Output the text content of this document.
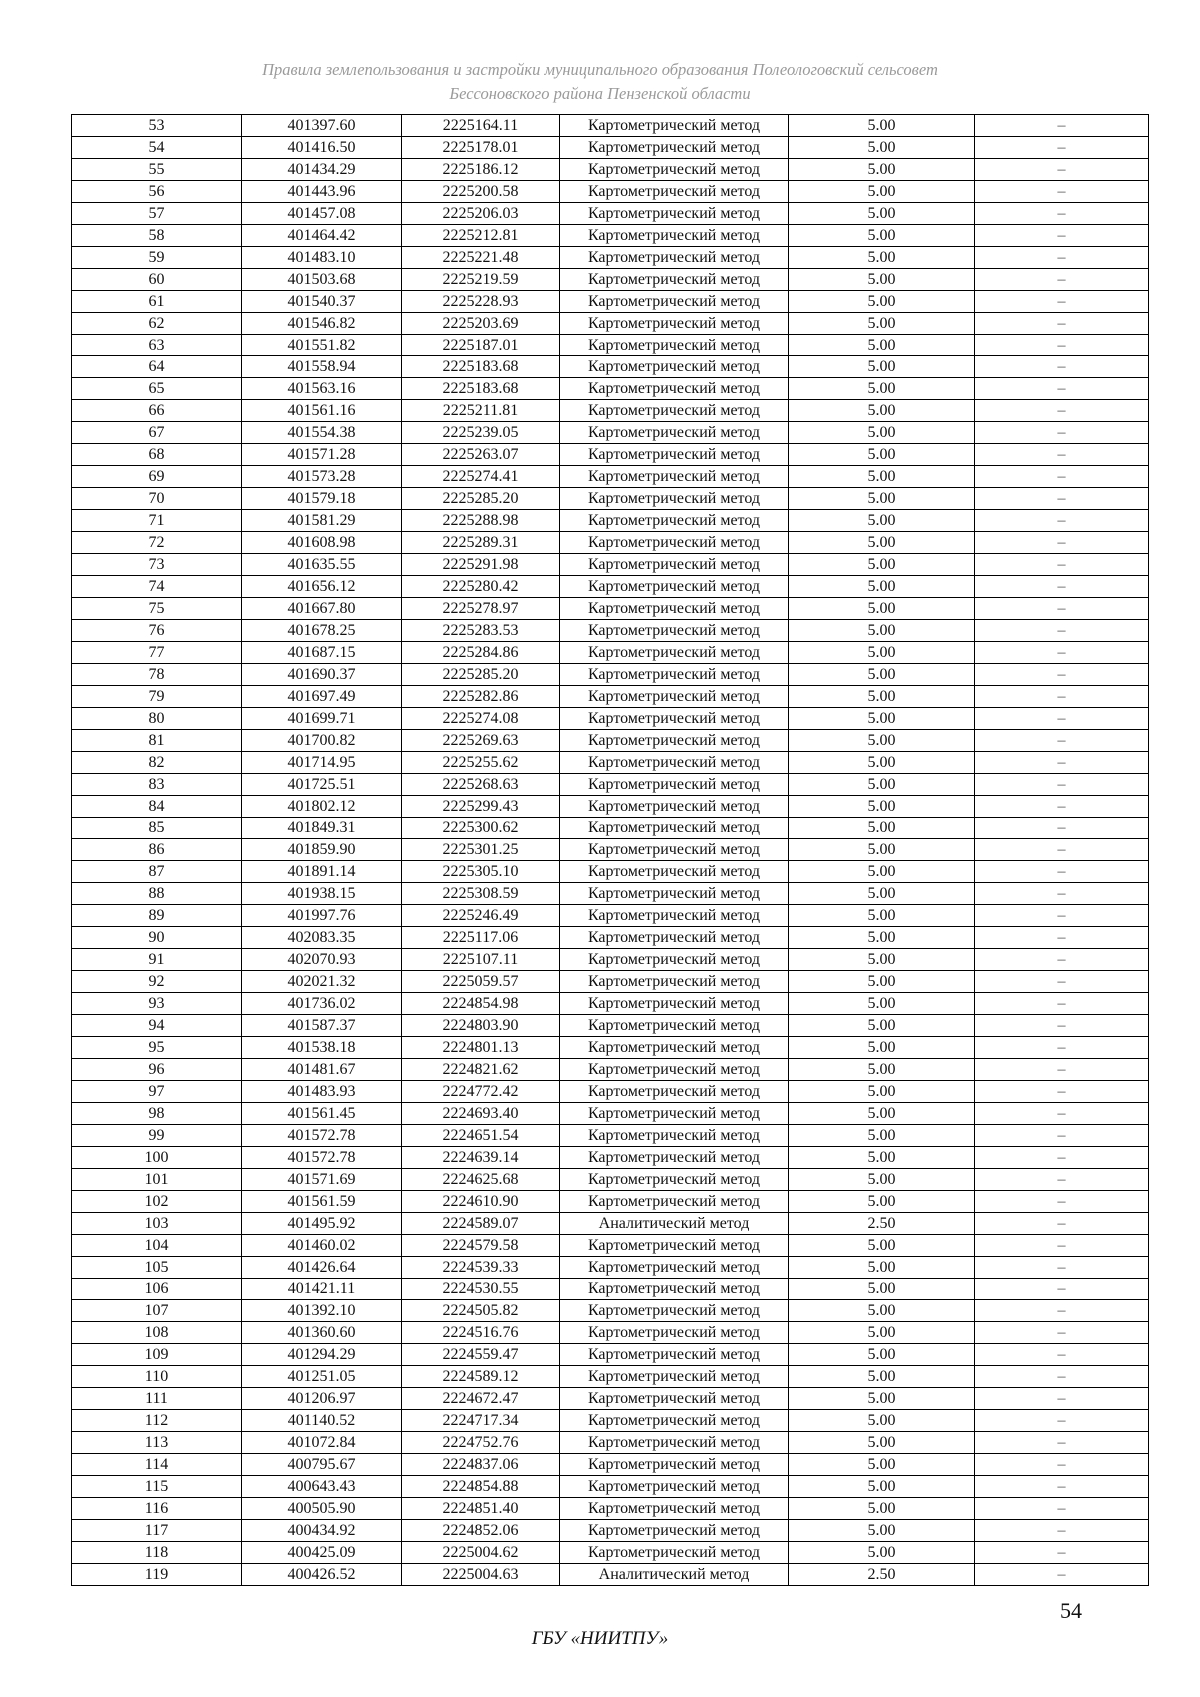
Правила землепользования и застройки муниципального образования Полеологовский сельсовет
Бессоновского района Пензенской области
53	401397.60	2225164.11	Картометрический метод	5.00	–
54	401416.50	2225178.01	Картометрический метод	5.00	–
55	401434.29	2225186.12	Картометрический метод	5.00	–
56	401443.96	2225200.58	Картометрический метод	5.00	–
57	401457.08	2225206.03	Картометрический метод	5.00	–
58	401464.42	2225212.81	Картометрический метод	5.00	–
59	401483.10	2225221.48	Картометрический метод	5.00	–
60	401503.68	2225219.59	Картометрический метод	5.00	–
61	401540.37	2225228.93	Картометрический метод	5.00	–
62	401546.82	2225203.69	Картометрический метод	5.00	–
63	401551.82	2225187.01	Картометрический метод	5.00	–
64	401558.94	2225183.68	Картометрический метод	5.00	–
65	401563.16	2225183.68	Картометрический метод	5.00	–
66	401561.16	2225211.81	Картометрический метод	5.00	–
67	401554.38	2225239.05	Картометрический метод	5.00	–
68	401571.28	2225263.07	Картометрический метод	5.00	–
69	401573.28	2225274.41	Картометрический метод	5.00	–
70	401579.18	2225285.20	Картометрический метод	5.00	–
71	401581.29	2225288.98	Картометрический метод	5.00	–
72	401608.98	2225289.31	Картометрический метод	5.00	–
73	401635.55	2225291.98	Картометрический метод	5.00	–
74	401656.12	2225280.42	Картометрический метод	5.00	–
75	401667.80	2225278.97	Картометрический метод	5.00	–
76	401678.25	2225283.53	Картометрический метод	5.00	–
77	401687.15	2225284.86	Картометрический метод	5.00	–
78	401690.37	2225285.20	Картометрический метод	5.00	–
79	401697.49	2225282.86	Картометрический метод	5.00	–
80	401699.71	2225274.08	Картометрический метод	5.00	–
81	401700.82	2225269.63	Картометрический метод	5.00	–
82	401714.95	2225255.62	Картометрический метод	5.00	–
83	401725.51	2225268.63	Картометрический метод	5.00	–
84	401802.12	2225299.43	Картометрический метод	5.00	–
85	401849.31	2225300.62	Картометрический метод	5.00	–
86	401859.90	2225301.25	Картометрический метод	5.00	–
87	401891.14	2225305.10	Картометрический метод	5.00	–
88	401938.15	2225308.59	Картометрический метод	5.00	–
89	401997.76	2225246.49	Картометрический метод	5.00	–
90	402083.35	2225117.06	Картометрический метод	5.00	–
91	402070.93	2225107.11	Картометрический метод	5.00	–
92	402021.32	2225059.57	Картометрический метод	5.00	–
93	401736.02	2224854.98	Картометрический метод	5.00	–
94	401587.37	2224803.90	Картометрический метод	5.00	–
95	401538.18	2224801.13	Картометрический метод	5.00	–
96	401481.67	2224821.62	Картометрический метод	5.00	–
97	401483.93	2224772.42	Картометрический метод	5.00	–
98	401561.45	2224693.40	Картометрический метод	5.00	–
99	401572.78	2224651.54	Картометрический метод	5.00	–
100	401572.78	2224639.14	Картометрический метод	5.00	–
101	401571.69	2224625.68	Картометрический метод	5.00	–
102	401561.59	2224610.90	Картометрический метод	5.00	–
103	401495.92	2224589.07	Аналитический метод	2.50	–
104	401460.02	2224579.58	Картометрический метод	5.00	–
105	401426.64	2224539.33	Картометрический метод	5.00	–
106	401421.11	2224530.55	Картометрический метод	5.00	–
107	401392.10	2224505.82	Картометрический метод	5.00	–
108	401360.60	2224516.76	Картометрический метод	5.00	–
109	401294.29	2224559.47	Картометрический метод	5.00	–
110	401251.05	2224589.12	Картометрический метод	5.00	–
111	401206.97	2224672.47	Картометрический метод	5.00	–
112	401140.52	2224717.34	Картометрический метод	5.00	–
113	401072.84	2224752.76	Картометрический метод	5.00	–
114	400795.67	2224837.06	Картометрический метод	5.00	–
115	400643.43	2224854.88	Картометрический метод	5.00	–
116	400505.90	2224851.40	Картометрический метод	5.00	–
117	400434.92	2224852.06	Картометрический метод	5.00	–
118	400425.09	2225004.62	Картометрический метод	5.00	–
119	400426.52	2225004.63	Аналитический метод	2.50	–
54
ГБУ «НИИТПУ»
